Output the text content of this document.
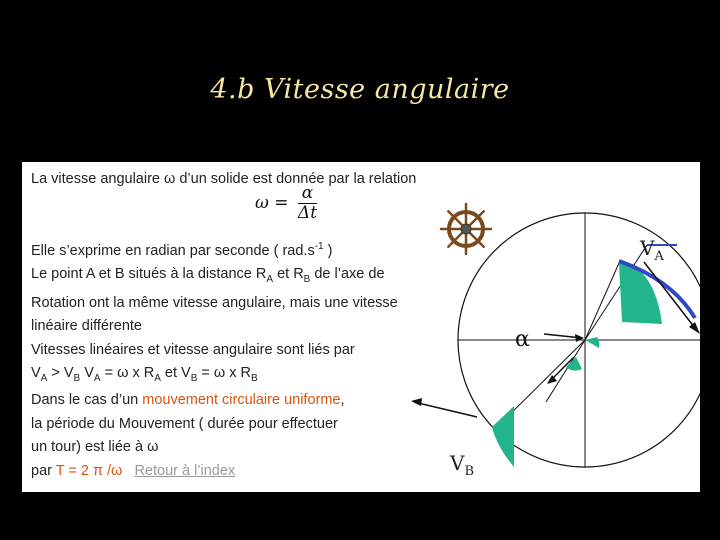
4.b Vitesse angulaire
La vitesse angulaire ω d’un solide est donnée par la relation
$\omega = \frac{\alpha}{\Delta t}$
Elle s’exprime en radian par seconde ( $rad.s^{-1}$ )
Le point A et B situés à la distance $R_A$ et $R_B$ de l’axe de
Rotation ont la même vitesse angulaire, mais une vitesse
linéaire différente
Vitesses linéaires et vitesse angulaire sont liés par
$V_A > V_B$ $V_A = \omega$ x $R_A$ et $V_B = \omega$ x $R_B$
Dans le cas d’un mouvement circulaire uniforme,
la période du Mouvement ( durée pour effectuer
un tour) est liée à ω
par T = 2 π /ω Retour à l’index
$V_A$
$V_B$
α
